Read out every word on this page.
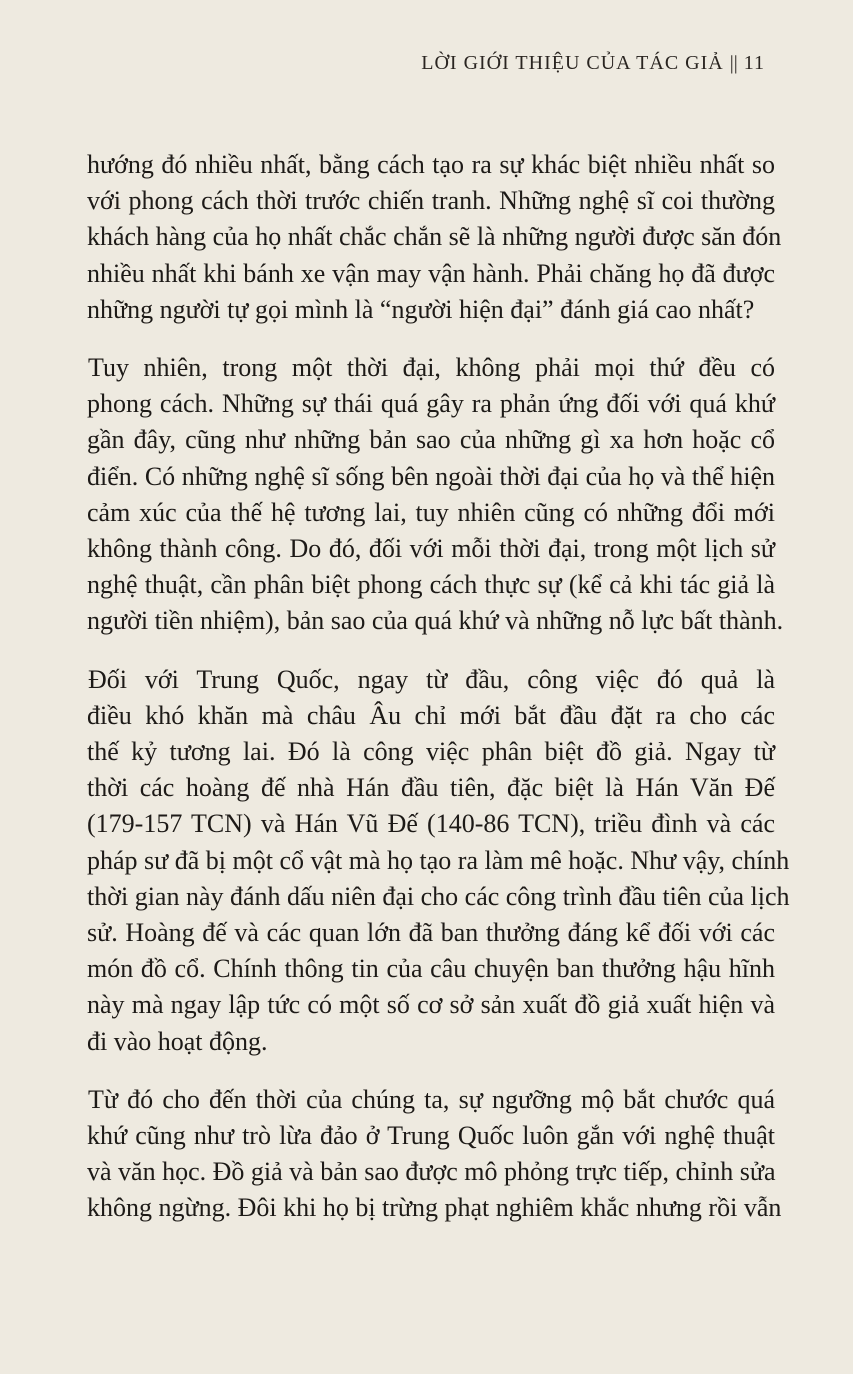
LỜI GIỚI THIỆU CỦA TÁC GIẢ || 11

hướng đó nhiều nhất, bằng cách tạo ra sự khác biệt nhiều nhất so
với phong cách thời trước chiến tranh. Những nghệ sĩ coi thường
khách hàng của họ nhất chắc chắn sẽ là những người được săn đón
nhiều nhất khi bánh xe vận may vận hành. Phải chăng họ đã được
những người tự gọi mình là “người hiện đại” đánh giá cao nhất?

Tuy nhiên, trong một thời đại, không phải mọi thứ đều có
phong cách. Những sự thái quá gây ra phản ứng đối với quá khứ
gần đây, cũng như những bản sao của những gì xa hơn hoặc cổ
điển. Có những nghệ sĩ sống bên ngoài thời đại của họ và thể hiện
cảm xúc của thế hệ tương lai, tuy nhiên cũng có những đổi mới
không thành công. Do đó, đối với mỗi thời đại, trong một lịch sử
nghệ thuật, cần phân biệt phong cách thực sự (kể cả khi tác giả là
người tiền nhiệm), bản sao của quá khứ và những nỗ lực bất thành.

Đối với Trung Quốc, ngay từ đầu, công việc đó quả là
điều khó khăn mà châu Âu chỉ mới bắt đầu đặt ra cho các
thế kỷ tương lai. Đó là công việc phân biệt đồ giả. Ngay từ
thời các hoàng đế nhà Hán đầu tiên, đặc biệt là Hán Văn Đế
(179-157 TCN) và Hán Vũ Đế (140-86 TCN), triều đình và các
pháp sư đã bị một cổ vật mà họ tạo ra làm mê hoặc. Như vậy, chính
thời gian này đánh dấu niên đại cho các công trình đầu tiên của lịch
sử. Hoàng đế và các quan lớn đã ban thưởng đáng kể đối với các
món đồ cổ. Chính thông tin của câu chuyện ban thưởng hậu hĩnh
này mà ngay lập tức có một số cơ sở sản xuất đồ giả xuất hiện và
đi vào hoạt động.

Từ đó cho đến thời của chúng ta, sự ngưỡng mộ bắt chước quá
khứ cũng như trò lừa đảo ở Trung Quốc luôn gắn với nghệ thuật
và văn học. Đồ giả và bản sao được mô phỏng trực tiếp, chỉnh sửa
không ngừng. Đôi khi họ bị trừng phạt nghiêm khắc nhưng rồi vẫn
